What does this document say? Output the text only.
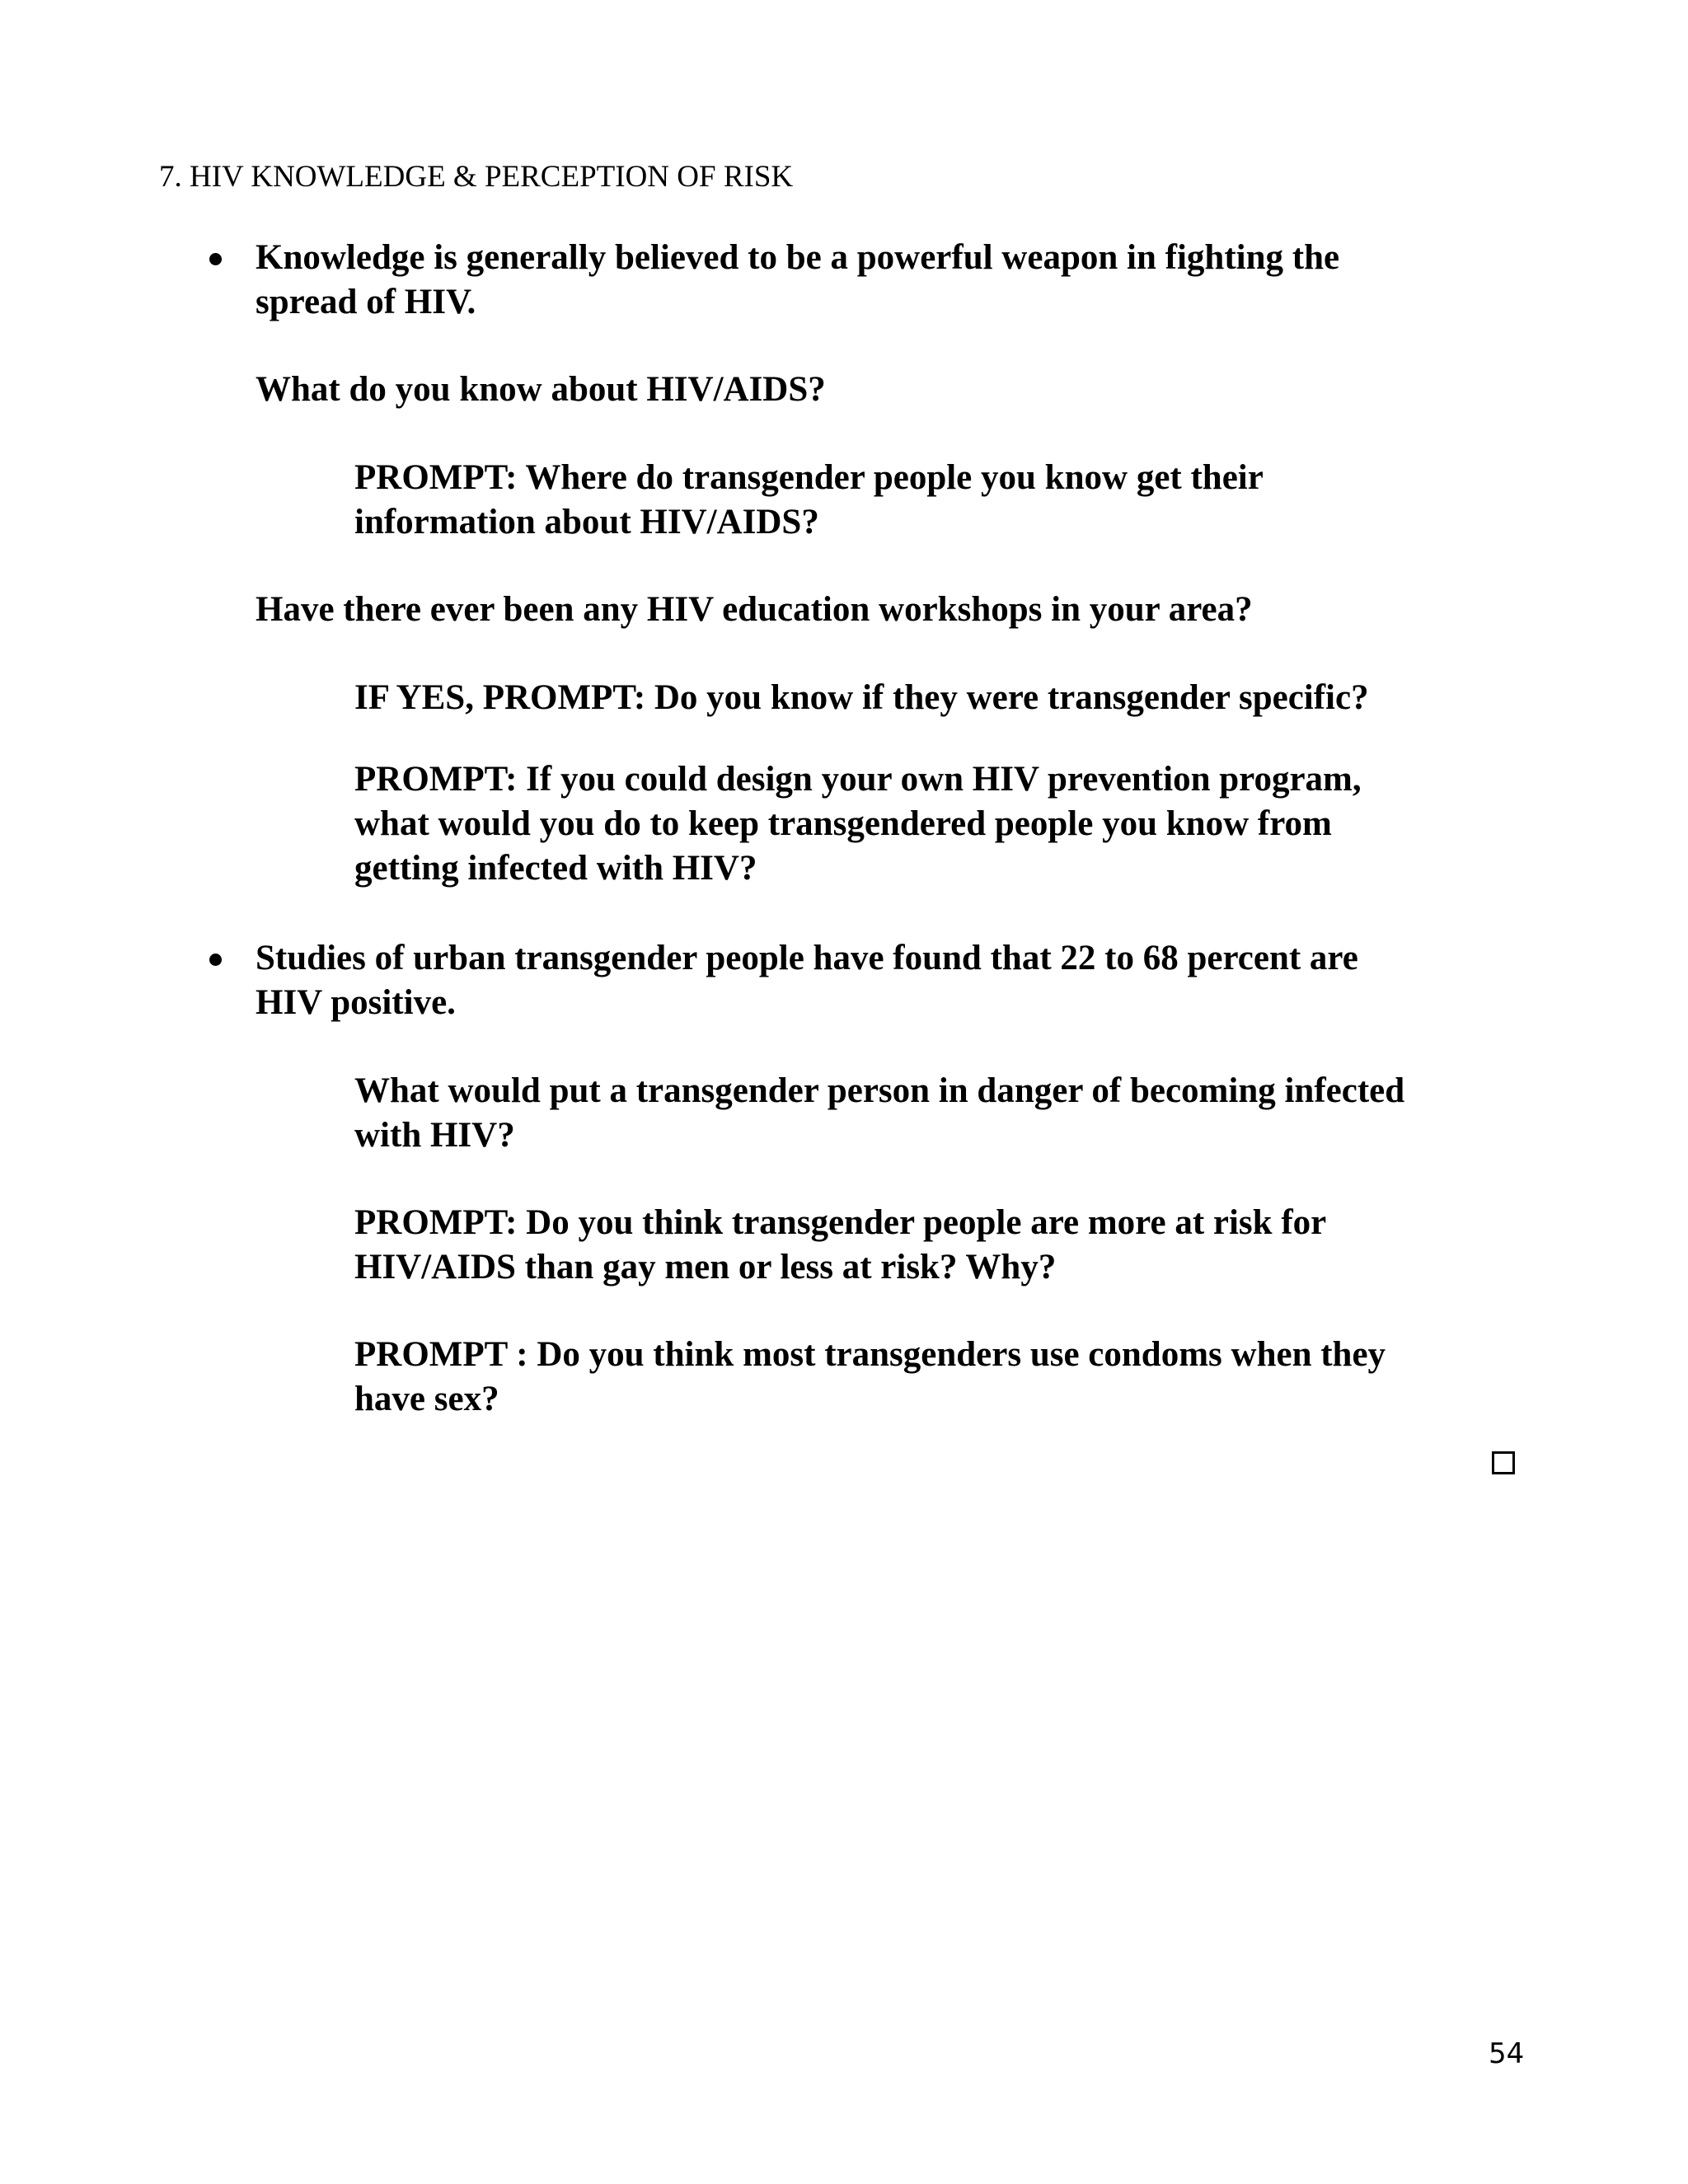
7. HIV KNOWLEDGE & PERCEPTION OF RISK
Knowledge is generally believed to be a powerful weapon in fighting the
spread of HIV.
What do you know about HIV/AIDS?
PROMPT: Where do transgender people you know get their
information about HIV/AIDS?
Have there ever been any HIV education workshops in your area?
IF YES, PROMPT: Do you know if they were transgender specific?
PROMPT: If you could design your own HIV prevention program,
what would you do to keep transgendered people you know from
getting infected with HIV?
Studies of urban transgender people have found that 22 to 68 percent are
HIV positive.
What would put a transgender person in danger of becoming infected
with HIV?
PROMPT: Do you think transgender people are more at risk for
HIV/AIDS than gay men or less at risk? Why?
PROMPT : Do you think most transgenders use condoms when they
have sex?
54
